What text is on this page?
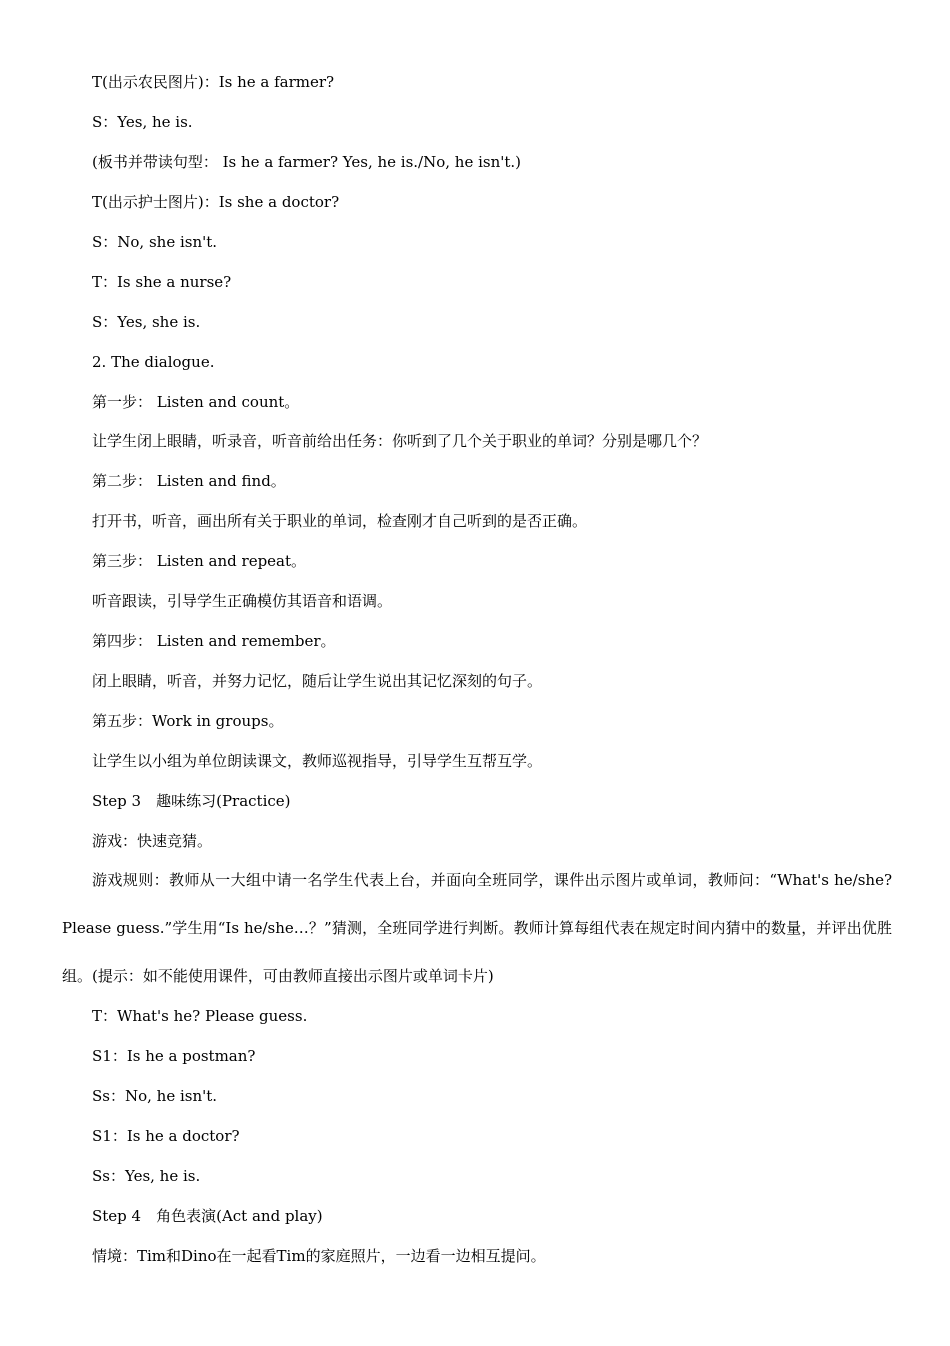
T(出示农民图片)：Is he a farmer?

S：Yes, he is.

(板书并带读句型： Is he a farmer? Yes, he is./No, he isn't.)

T(出示护士图片)：Is she a doctor?

S：No, she isn't.

T：Is she a nurse?

S：Yes, she is.

2. The dialogue.

第一步： Listen and count。

让学生闭上眼睛，听录音，听音前给出任务：你听到了几个关于职业的单词？分别是哪几个？

第二步： Listen and find。

打开书，听音，画出所有关于职业的单词，检查刚才自己听到的是否正确。

第三步： Listen and repeat。

听音跟读，引导学生正确模仿其语音和语调。

第四步： Listen and remember。

闭上眼睛，听音，并努力记忆，随后让学生说出其记忆深刻的句子。

第五步：Work in groups。

让学生以小组为单位朗读课文，教师巡视指导，引导学生互帮互学。

Step 3　趣味练习(Practice)

游戏：快速竞猜。

游戏规则：教师从一大组中请一名学生代表上台，并面向全班同学，课件出示图片或单词，教师问：“What's he/she? Please guess.”学生用“Is he/she…？”猜测，全班同学进行判断。教师计算每组代表在规定时间内猜中的数量，并评出优胜组。(提示：如不能使用课件，可由教师直接出示图片或单词卡片)

T：What's he? Please guess.

S1：Is he a postman?

Ss：No, he isn't.

S1：Is he a doctor?

Ss：Yes, he is.

Step 4　角色表演(Act and play)

情境：Tim和Dino在一起看Tim的家庭照片，一边看一边相互提问。
